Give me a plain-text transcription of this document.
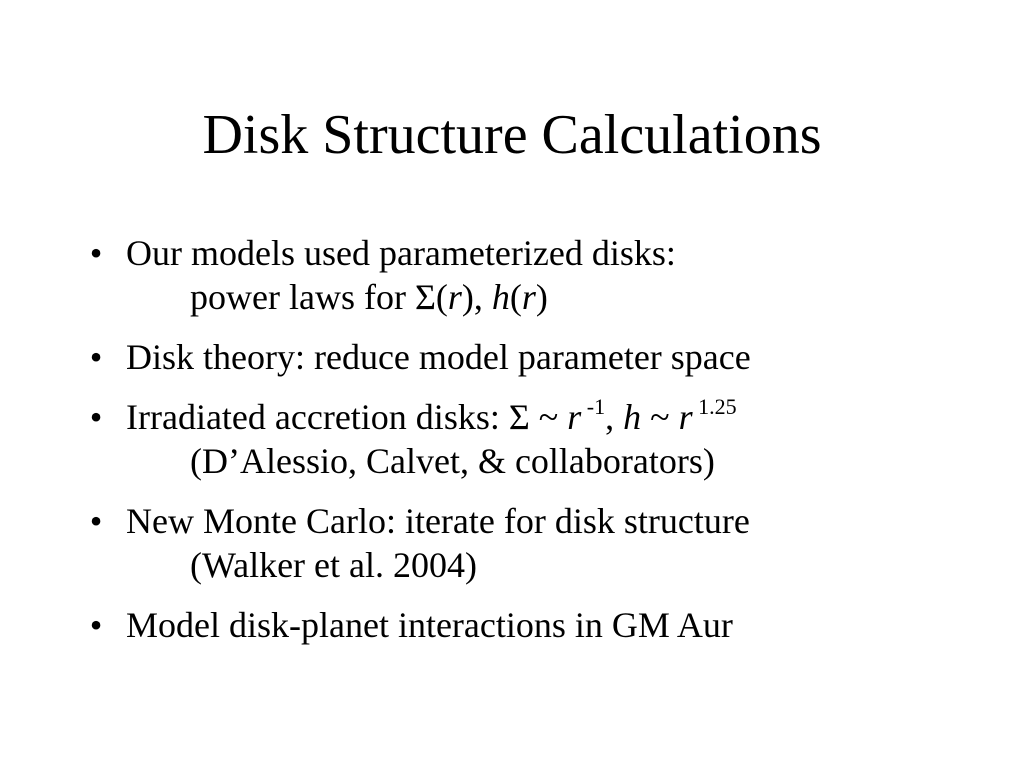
Disk Structure Calculations
• Our models used parameterized disks:
power laws for Σ(r), h(r)
• Disk theory: reduce model parameter space
• Irradiated accretion disks: Σ ~ r $^{-1}$, h ~ r $^{1.25}$
(D’Alessio, Calvet, & collaborators)
• New Monte Carlo: iterate for disk structure
(Walker et al. 2004)
• Model disk-planet interactions in GM Aur
